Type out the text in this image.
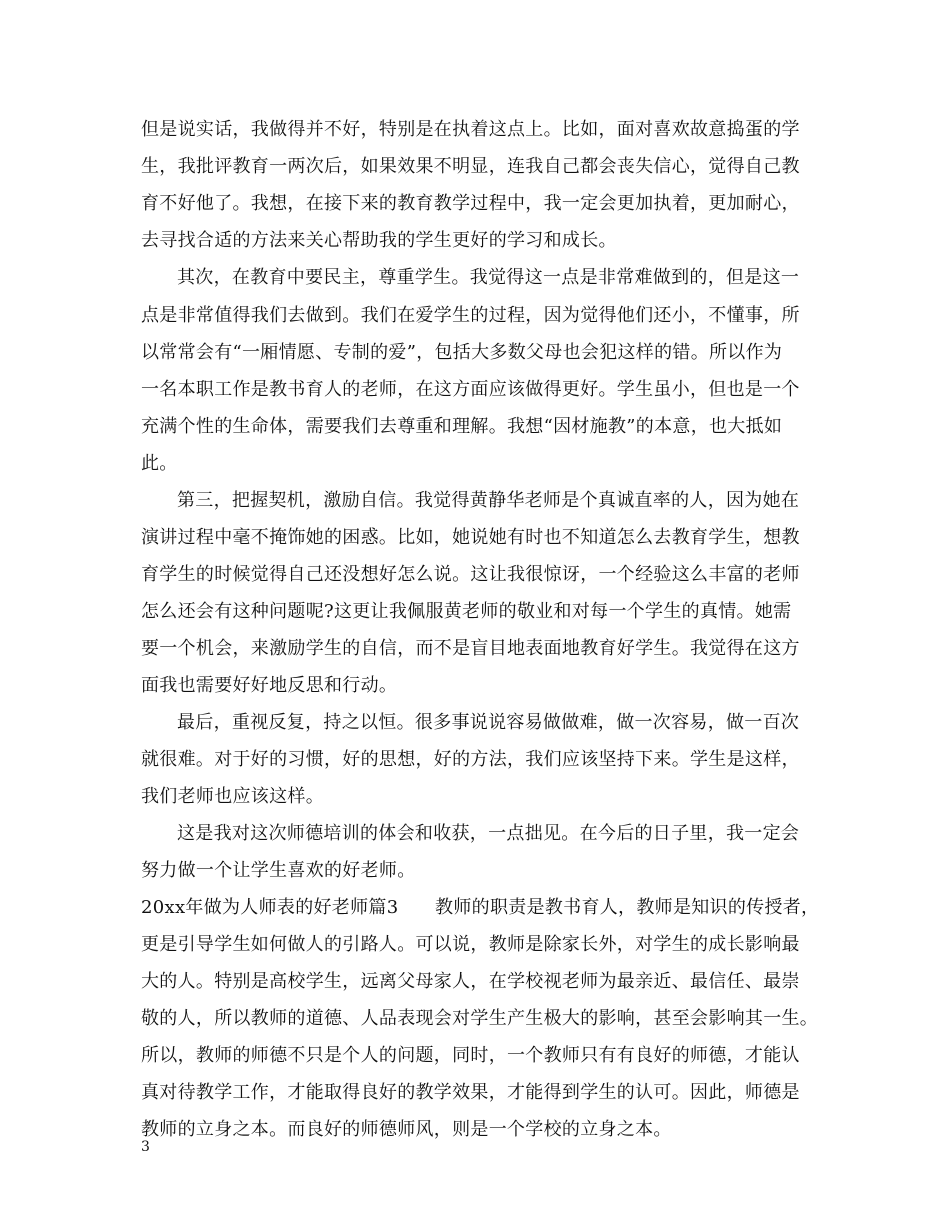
但是说实话，我做得并不好，特别是在执着这点上。比如，面对喜欢故意捣蛋的学
生，我批评教育一两次后，如果效果不明显，连我自己都会丧失信心，觉得自己教
育不好他了。我想，在接下来的教育教学过程中，我一定会更加执着，更加耐心，
去寻找合适的方法来关心帮助我的学生更好的学习和成长。
其次，在教育中要民主，尊重学生。我觉得这一点是非常难做到的，但是这一
点是非常值得我们去做到。我们在爱学生的过程，因为觉得他们还小，不懂事，所
以常常会有“一厢情愿、专制的爱”，包括大多数父母也会犯这样的错。所以作为
一名本职工作是教书育人的老师，在这方面应该做得更好。学生虽小，但也是一个
充满个性的生命体，需要我们去尊重和理解。我想“因材施教”的本意，也大抵如
此。
第三，把握契机，激励自信。我觉得黄静华老师是个真诚直率的人，因为她在
演讲过程中毫不掩饰她的困惑。比如，她说她有时也不知道怎么去教育学生，想教
育学生的时候觉得自己还没想好怎么说。这让我很惊讶，一个经验这么丰富的老师
怎么还会有这种问题呢?这更让我佩服黄老师的敬业和对每一个学生的真情。她需
要一个机会，来激励学生的自信，而不是盲目地表面地教育好学生。我觉得在这方
面我也需要好好地反思和行动。
最后，重视反复，持之以恒。很多事说说容易做做难，做一次容易，做一百次
就很难。对于好的习惯，好的思想，好的方法，我们应该坚持下来。学生是这样，
我们老师也应该这样。
这是我对这次师德培训的体会和收获，一点拙见。在今后的日子里，我一定会
努力做一个让学生喜欢的好老师。
20xx年做为人师表的好老师篇3　　教师的职责是教书育人，教师是知识的传授者，
更是引导学生如何做人的引路人。可以说，教师是除家长外，对学生的成长影响最
大的人。特别是高校学生，远离父母家人，在学校视老师为最亲近、最信任、最崇
敬的人，所以教师的道德、人品表现会对学生产生极大的影响，甚至会影响其一生。
所以，教师的师德不只是个人的问题，同时，一个教师只有有良好的师德，才能认
真对待教学工作，才能取得良好的教学效果，才能得到学生的认可。因此，师德是
教师的立身之本。而良好的师德师风，则是一个学校的立身之本。
3
